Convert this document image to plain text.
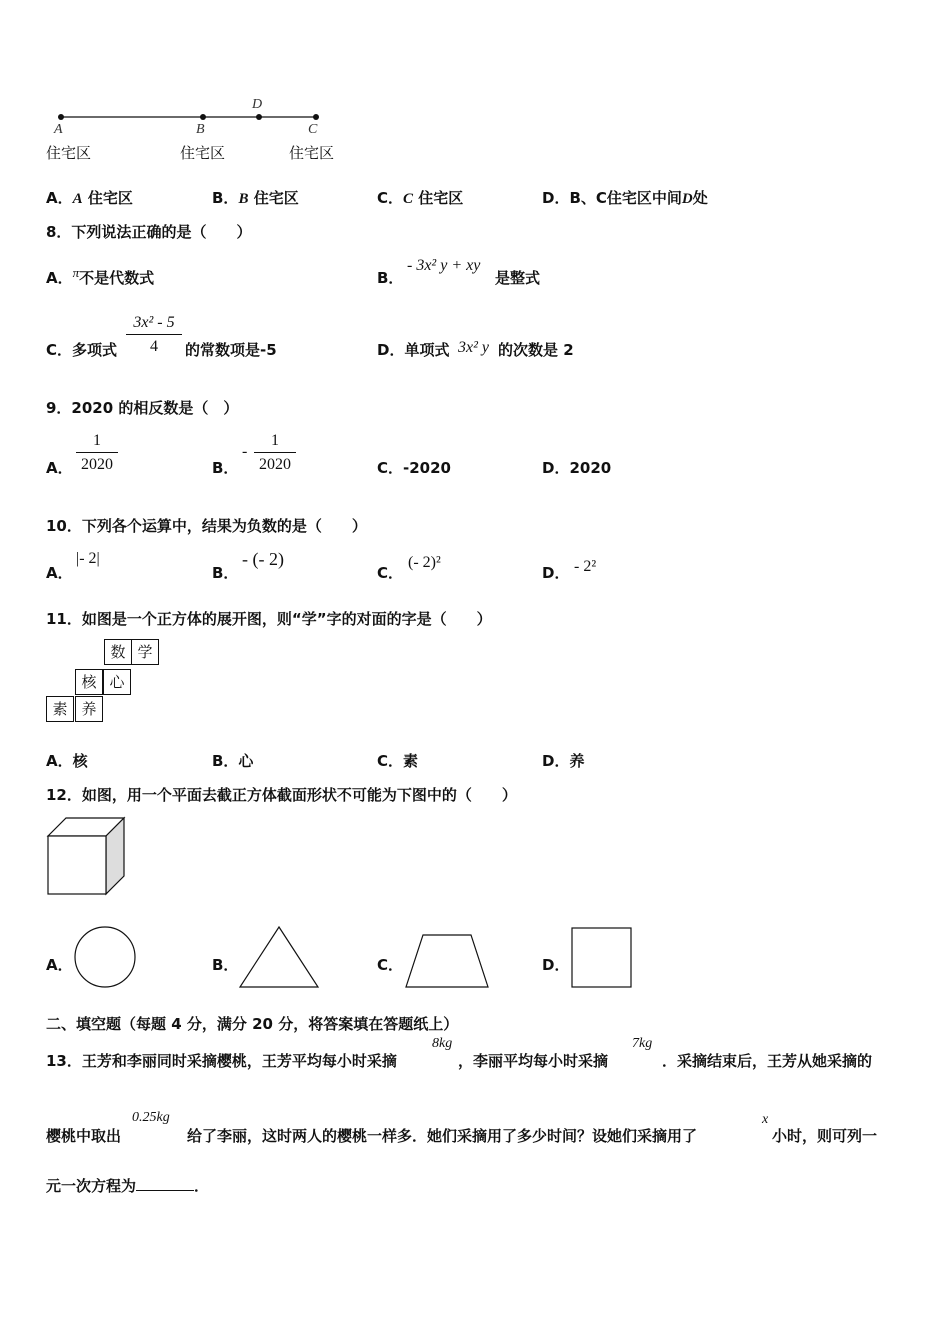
D
A	B	C
住宅区	住宅区	住宅区
A．A 住宅区	B．B 住宅区	C．C 住宅区	D．B、C住宅区中间D处
8．下列说法正确的是（　　）
A．π不是代数式	B．
- 3x² y + xy
是整式
C．多项式 $\frac{\text{3x² - 5}}{4}$ 的常数项是-5	D．单项式 3x² y 的次数是 2
9．2020 的相反数是（　）
A． $\frac{1}{2020}$	B．
- $\frac{1}{2020}$	C．-2020	D．2020
10．下列各个运算中，结果为负数的是（　　）
A．
|- 2|
B．
- (- 2)
C．
(- 2)²
D． - 2²
11．如图是一个正方体的展开图，则“学”字的对面的字是（　　）
数 学
核 心
素 养
A．核	B．心	C．素	D．养
12．如图，用一个平面去截正方体截面形状不可能为下图中的（　　）
A．	B．	C．	D．
二、填空题（每题 4 分，满分 20 分，将答案填在答题纸上）
13．王芳和李丽同时采摘樱桃，王芳平均每小时采摘
8kg
，李丽平均每小时采摘
7kg
．采摘结束后，王芳从她采摘的
樱桃中取出
0.25kg
给了李丽，这时两人的樱桃一样多．她们采摘用了多少时间？设她们采摘用了
x
小时，则可列一
元一次方程为	．
